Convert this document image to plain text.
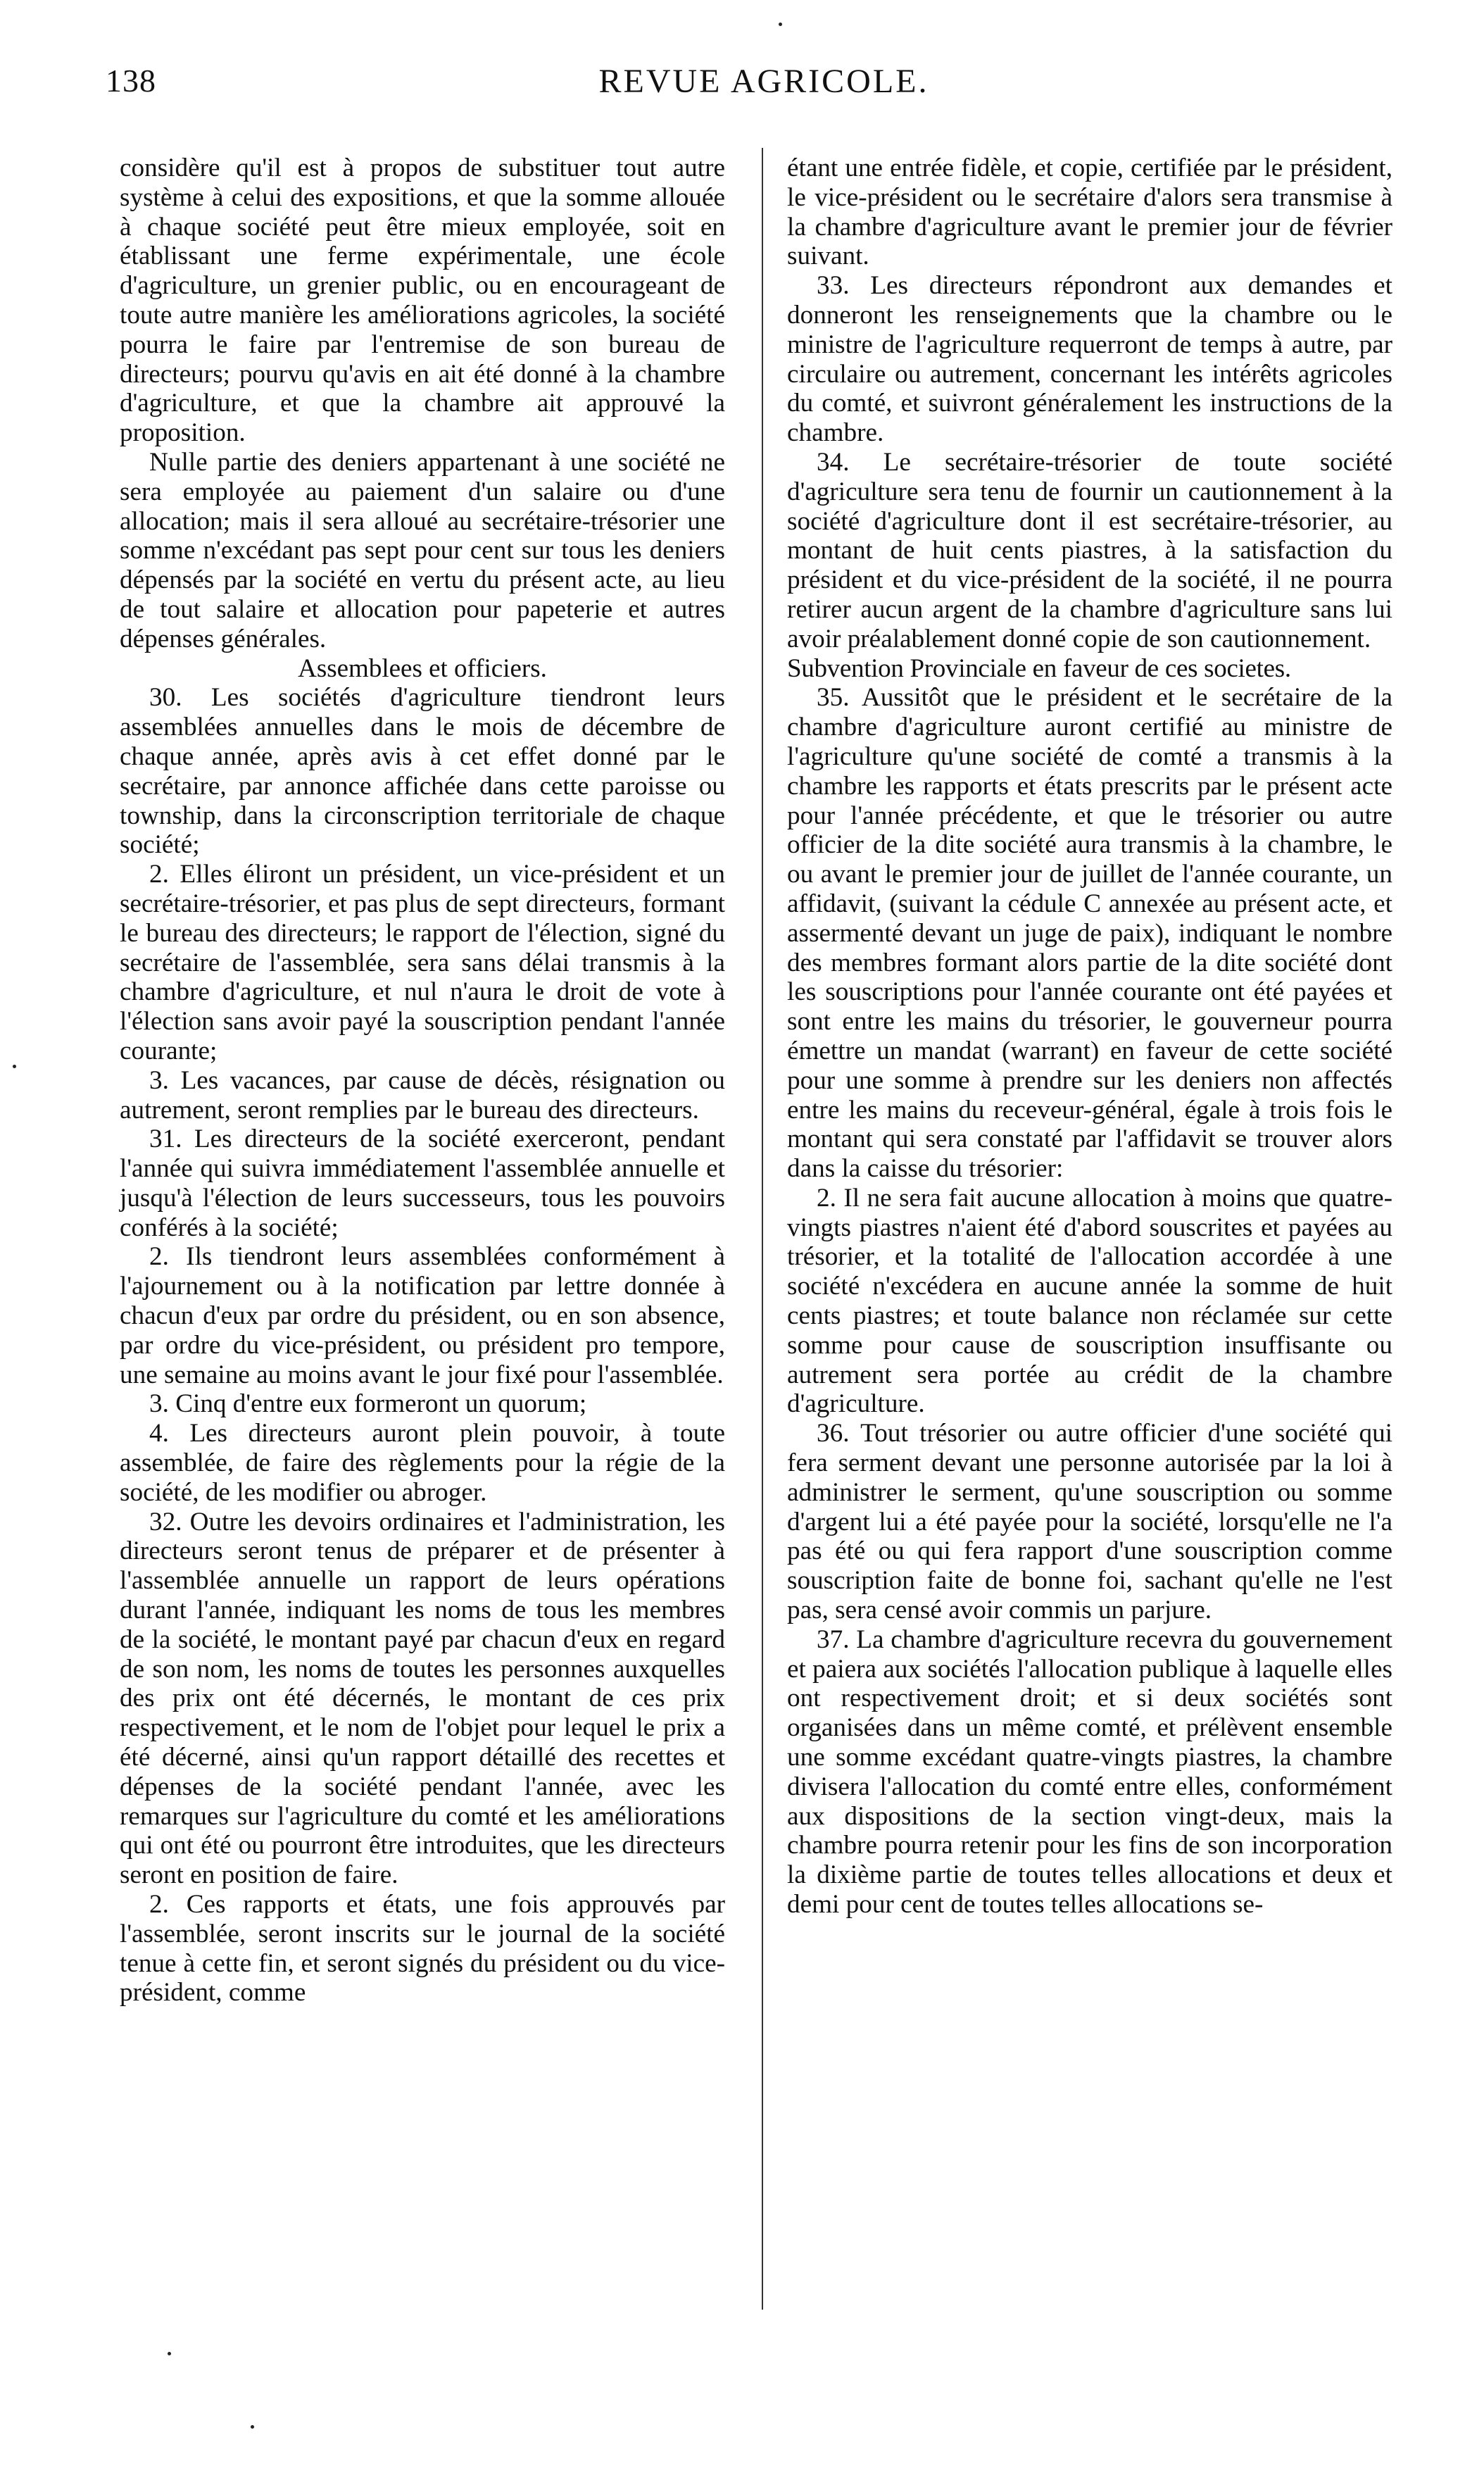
138	REVUE AGRICOLE.

considère qu'il est à propos de substituer tout autre système à celui des expositions, et que la somme allouée à chaque société peut être mieux employée, soit en établissant une ferme expérimentale, une école d'agriculture, un grenier public, ou en encourageant de toute autre manière les améliorations agricoles, la société pourra le faire par l'entremise de son bureau de directeurs; pourvu qu'avis en ait été donné à la chambre d'agriculture, et que la chambre ait approuvé la proposition.

Nulle partie des deniers appartenant à une société ne sera employée au paiement d'un salaire ou d'une allocation; mais il sera alloué au secrétaire-trésorier une somme n'excédant pas sept pour cent sur tous les deniers dépensés par la société en vertu du présent acte, au lieu de tout salaire et allocation pour papeterie et autres dépenses générales.

Assemblees et officiers.

30. Les sociétés d'agriculture tiendront leurs assemblées annuelles dans le mois de décembre de chaque année, après avis à cet effet donné par le secrétaire, par annonce affichée dans cette paroisse ou township, dans la circonscription territoriale de chaque société;

2. Elles éliront un président, un vice-président et un secrétaire-trésorier, et pas plus de sept directeurs, formant le bureau des directeurs; le rapport de l'élection, signé du secrétaire de l'assemblée, sera sans délai transmis à la chambre d'agriculture, et nul n'aura le droit de vote à l'élection sans avoir payé la souscription pendant l'année courante;

3. Les vacances, par cause de décès, résignation ou autrement, seront remplies par le bureau des directeurs.

31. Les directeurs de la société exerceront, pendant l'année qui suivra immédiatement l'assemblée annuelle et jusqu'à l'élection de leurs successeurs, tous les pouvoirs conférés à la société;

2. Ils tiendront leurs assemblées conformément à l'ajournement ou à la notification par lettre donnée à chacun d'eux par ordre du président, ou en son absence, par ordre du vice-président, ou président pro tempore, une semaine au moins avant le jour fixé pour l'assemblée.

3. Cinq d'entre eux formeront un quorum;

4. Les directeurs auront plein pouvoir, à toute assemblée, de faire des règlements pour la régie de la société, de les modifier ou abroger.

32. Outre les devoirs ordinaires et l'administration, les directeurs seront tenus de préparer et de présenter à l'assemblée annuelle un rapport de leurs opérations durant l'année, indiquant les noms de tous les membres de la société, le montant payé par chacun d'eux en regard de son nom, les noms de toutes les personnes auxquelles des prix ont été décernés, le montant de ces prix respectivement, et le nom de l'objet pour lequel le prix a été décerné, ainsi qu'un rapport détaillé des recettes et dépenses de la société pendant l'année, avec les remarques sur l'agriculture du comté et les améliorations qui ont été ou pourront être introduites, que les directeurs seront en position de faire.

2. Ces rapports et états, une fois approuvés par l'assemblée, seront inscrits sur le journal de la société tenue à cette fin, et seront signés du président ou du vice-président, comme

étant une entrée fidèle, et copie, certifiée par le président, le vice-président ou le secrétaire d'alors sera transmise à la chambre d'agriculture avant le premier jour de février suivant.

33. Les directeurs répondront aux demandes et donneront les renseignements que la chambre ou le ministre de l'agriculture requerront de temps à autre, par circulaire ou autrement, concernant les intérêts agricoles du comté, et suivront généralement les instructions de la chambre.

34. Le secrétaire-trésorier de toute société d'agriculture sera tenu de fournir un cautionnement à la société d'agriculture dont il est secrétaire-trésorier, au montant de huit cents piastres, à la satisfaction du président et du vice-président de la société, il ne pourra retirer aucun argent de la chambre d'agriculture sans lui avoir préalablement donné copie de son cautionnement.

Subvention Provinciale en faveur de ces societes.

35. Aussitôt que le président et le secrétaire de la chambre d'agriculture auront certifié au ministre de l'agriculture qu'une société de comté a transmis à la chambre les rapports et états prescrits par le présent acte pour l'année précédente, et que le trésorier ou autre officier de la dite société aura transmis à la chambre, le ou avant le premier jour de juillet de l'année courante, un affidavit, (suivant la cédule C annexée au présent acte, et assermenté devant un juge de paix), indiquant le nombre des membres formant alors partie de la dite société dont les souscriptions pour l'année courante ont été payées et sont entre les mains du trésorier, le gouverneur pourra émettre un mandat (warrant) en faveur de cette société pour une somme à prendre sur les deniers non affectés entre les mains du receveur-général, égale à trois fois le montant qui sera constaté par l'affidavit se trouver alors dans la caisse du trésorier:

2. Il ne sera fait aucune allocation à moins que quatre-vingts piastres n'aient été d'abord souscrites et payées au trésorier, et la totalité de l'allocation accordée à une société n'excédera en aucune année la somme de huit cents piastres; et toute balance non réclamée sur cette somme pour cause de souscription insuffisante ou autrement sera portée au crédit de la chambre d'agriculture.

36. Tout trésorier ou autre officier d'une société qui fera serment devant une personne autorisée par la loi à administrer le serment, qu'une souscription ou somme d'argent lui a été payée pour la société, lorsqu'elle ne l'a pas été ou qui fera rapport d'une souscription comme souscription faite de bonne foi, sachant qu'elle ne l'est pas, sera censé avoir commis un parjure.

37. La chambre d'agriculture recevra du gouvernement et paiera aux sociétés l'allocation publique à laquelle elles ont respectivement droit; et si deux sociétés sont organisées dans un même comté, et prélèvent ensemble une somme excédant quatre-vingts piastres, la chambre divisera l'allocation du comté entre elles, conformément aux dispositions de la section vingt-deux, mais la chambre pourra retenir pour les fins de son incorporation la dixième partie de toutes telles allocations et deux et demi pour cent de toutes telles allocations se-
